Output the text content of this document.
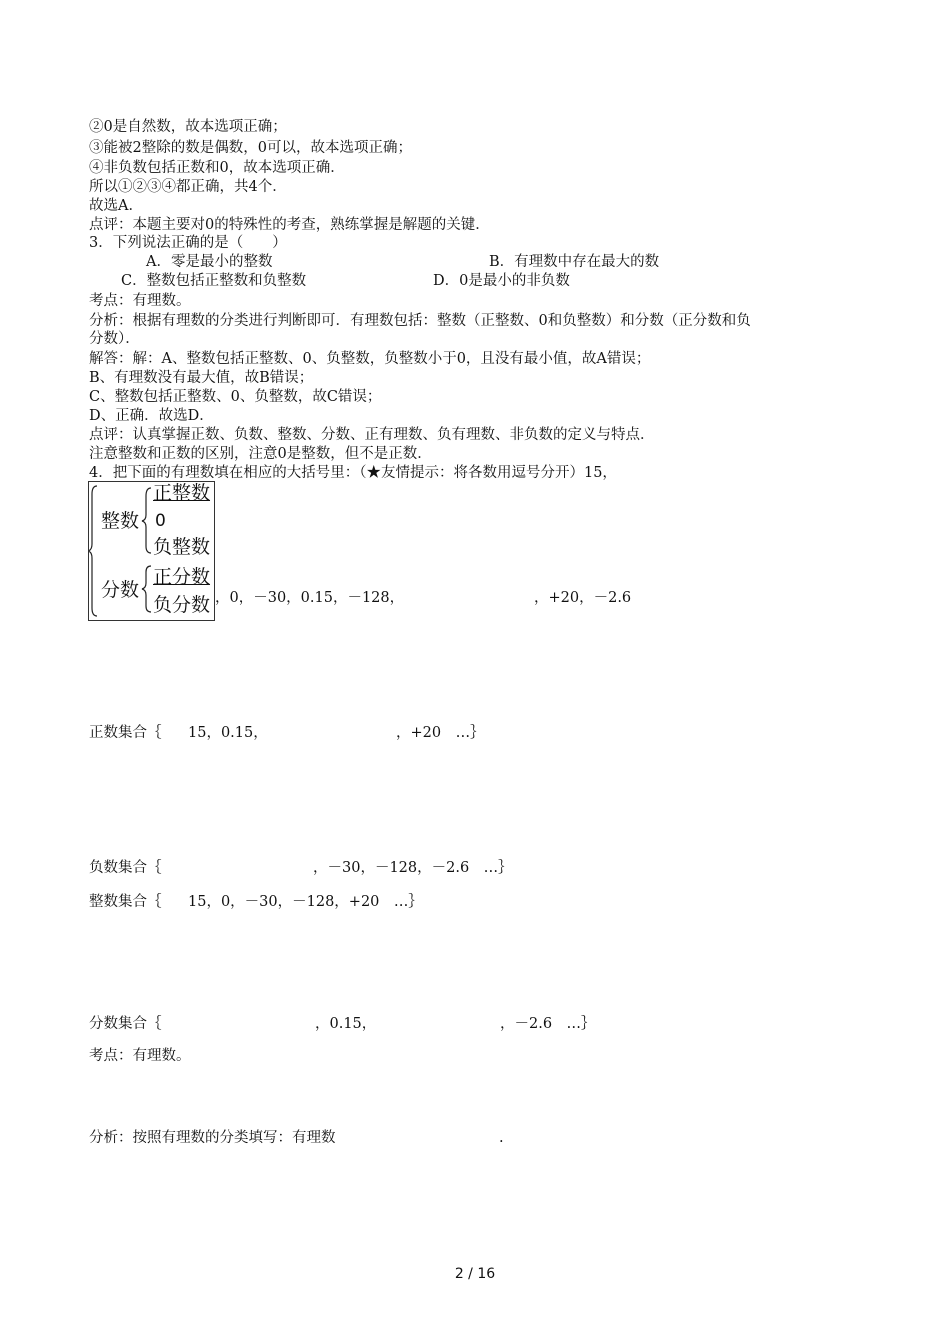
②0是自然数，故本选项正确；
③能被2整除的数是偶数，0可以，故本选项正确；
④非负数包括正数和0，故本选项正确．
所以①②③④都正确，共4个．
故选A．
点评：本题主要对0的特殊性的考查，熟练掌握是解题的关键．
3．下列说法正确的是（　　）
A．零是最小的整数	B．有理数中存在最大的数
C．整数包括正整数和负整数	D．0是最小的非负数
考点：有理数。
分析：根据有理数的分类进行判断即可．有理数包括：整数（正整数、0和负整数）和分数（正分数和负
分数）．
解答：解：A、整数包括正整数、0、负整数，负整数小于0，且没有最小值，故A错误；
B、有理数没有最大值，故B错误；
C、整数包括正整数、0、负整数，故C错误；
D、正确．故选D．
点评：认真掌握正数、负数、整数、分数、正有理数、负有理数、非负数的定义与特点．
注意整数和正数的区别，注意0是整数，但不是正数．
4．把下面的有理数填在相应的大括号里：（★友情提示：将各数用逗号分开）15，
整数
正整数
0
负整数
分数
正分数
负分数 ，0，－30，0.15，－128，	，+20，－2.6
正数集合｛ 15，0.15，	，+20　…｝
负数集合｛	，－30，－128，－2.6　…｝
整数集合｛ 15，0，－30，－128，+20　…｝
分数集合｛	，0.15，	，－2.6　…｝
考点：有理数。
分析：按照有理数的分类填写：有理数	.
2 / 16
